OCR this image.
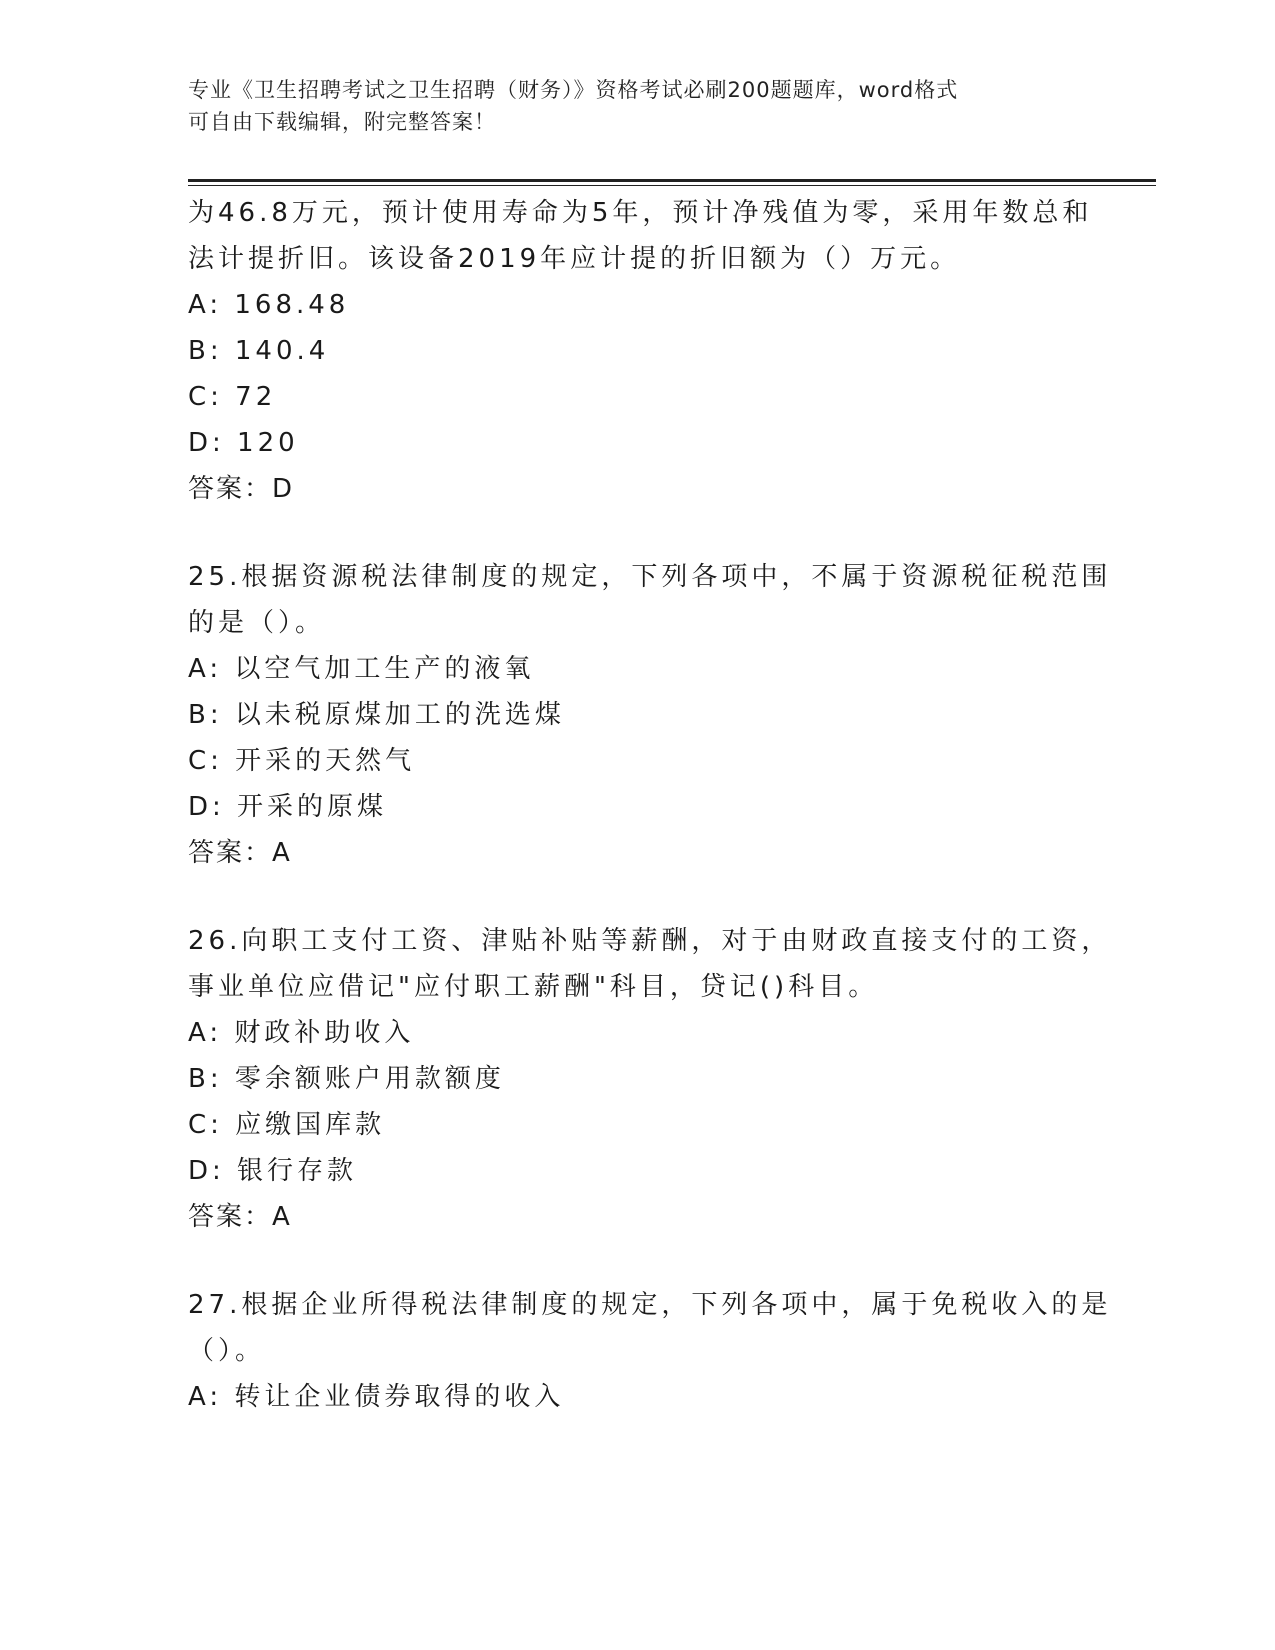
专业《卫生招聘考试之卫生招聘（财务）》资格考试必刷200题题库，word格式
可自由下载编辑，附完整答案！
为46.8万元，预计使用寿命为5年，预计净残值为零，采用年数总和
法计提折旧。该设备2019年应计提的折旧额为（）万元。
A: 168.48
B: 140.4
C: 72
D: 120
答案：D
25.根据资源税法律制度的规定，下列各项中，不属于资源税征税范围
的是（）。
A: 以空气加工生产的液氧
B: 以未税原煤加工的洗选煤
C: 开采的天然气
D: 开采的原煤
答案：A
26.向职工支付工资、津贴补贴等薪酬，对于由财政直接支付的工资，
事业单位应借记"应付职工薪酬"科目，贷记()科目。
A: 财政补助收入
B: 零余额账户用款额度
C: 应缴国库款
D: 银行存款
答案：A
27.根据企业所得税法律制度的规定，下列各项中，属于免税收入的是
（）。
A: 转让企业债券取得的收入
